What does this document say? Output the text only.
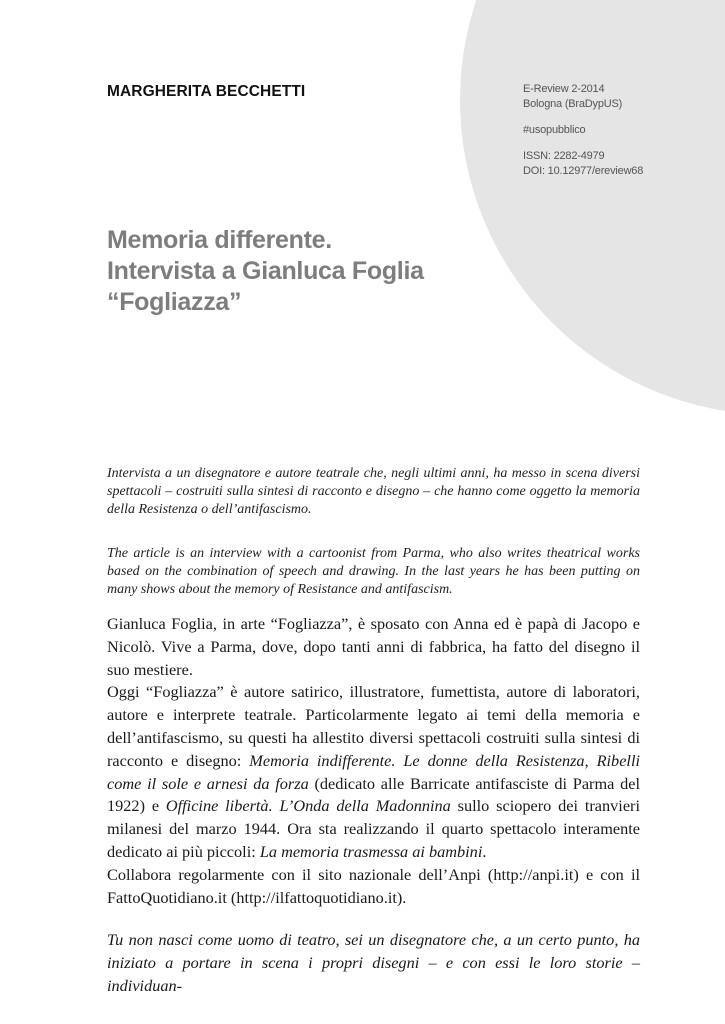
MARGHERITA BECCHETTI	E-Review 2-2014
Bologna (BraDypUS)
#usopubblico
ISSN: 2282-4979
DOI: 10.12977/ereview68
Memoria differente.
Intervista a Gianluca Foglia
“Fogliazza”
Intervista a un disegnatore e autore teatrale che, negli ultimi anni, ha messo in scena diversi spettacoli – costruiti sulla sintesi di racconto e disegno – che hanno come oggetto la memoria della Resistenza o dell’antifascismo.
The article is an interview with a cartoonist from Parma, who also writes theatrical works based on the combination of speech and drawing. In the last years he has been putting on many shows about the memory of Resistance and antifascism.

Gianluca Foglia, in arte “Fogliazza”, è sposato con Anna ed è papà di Jacopo e Nicolò. Vive a Parma, dove, dopo tanti anni di fabbrica, ha fatto del disegno il suo mestiere.

Oggi “Fogliazza” è autore satirico, illustratore, fumettista, autore di laboratori, autore e interprete teatrale. Particolarmente legato ai temi della memoria e dell’antifascismo, su questi ha allestito diversi spettacoli costruiti sulla sintesi di racconto e disegno: Memoria indifferente. Le donne della Resistenza, Ribelli come il sole e arnesi da forza (dedicato alle Barricate antifasciste di Parma del 1922) e Officine libertà. L’Onda della Madonnina sullo sciopero dei tranvieri milanesi del marzo 1944. Ora sta realizzando il quarto spettacolo interamente dedicato ai più piccoli: La memoria trasmessa ai bambini.

Collabora regolarmente con il sito nazionale dell’Anpi (http://anpi.it) e con il FattoQuotidiano.it (http://ilfattoquotidiano.it).

Tu non nasci come uomo di teatro, sei un disegnatore che, a un certo punto, ha iniziato a portare in scena i propri disegni – e con essi le loro storie – individuan-
